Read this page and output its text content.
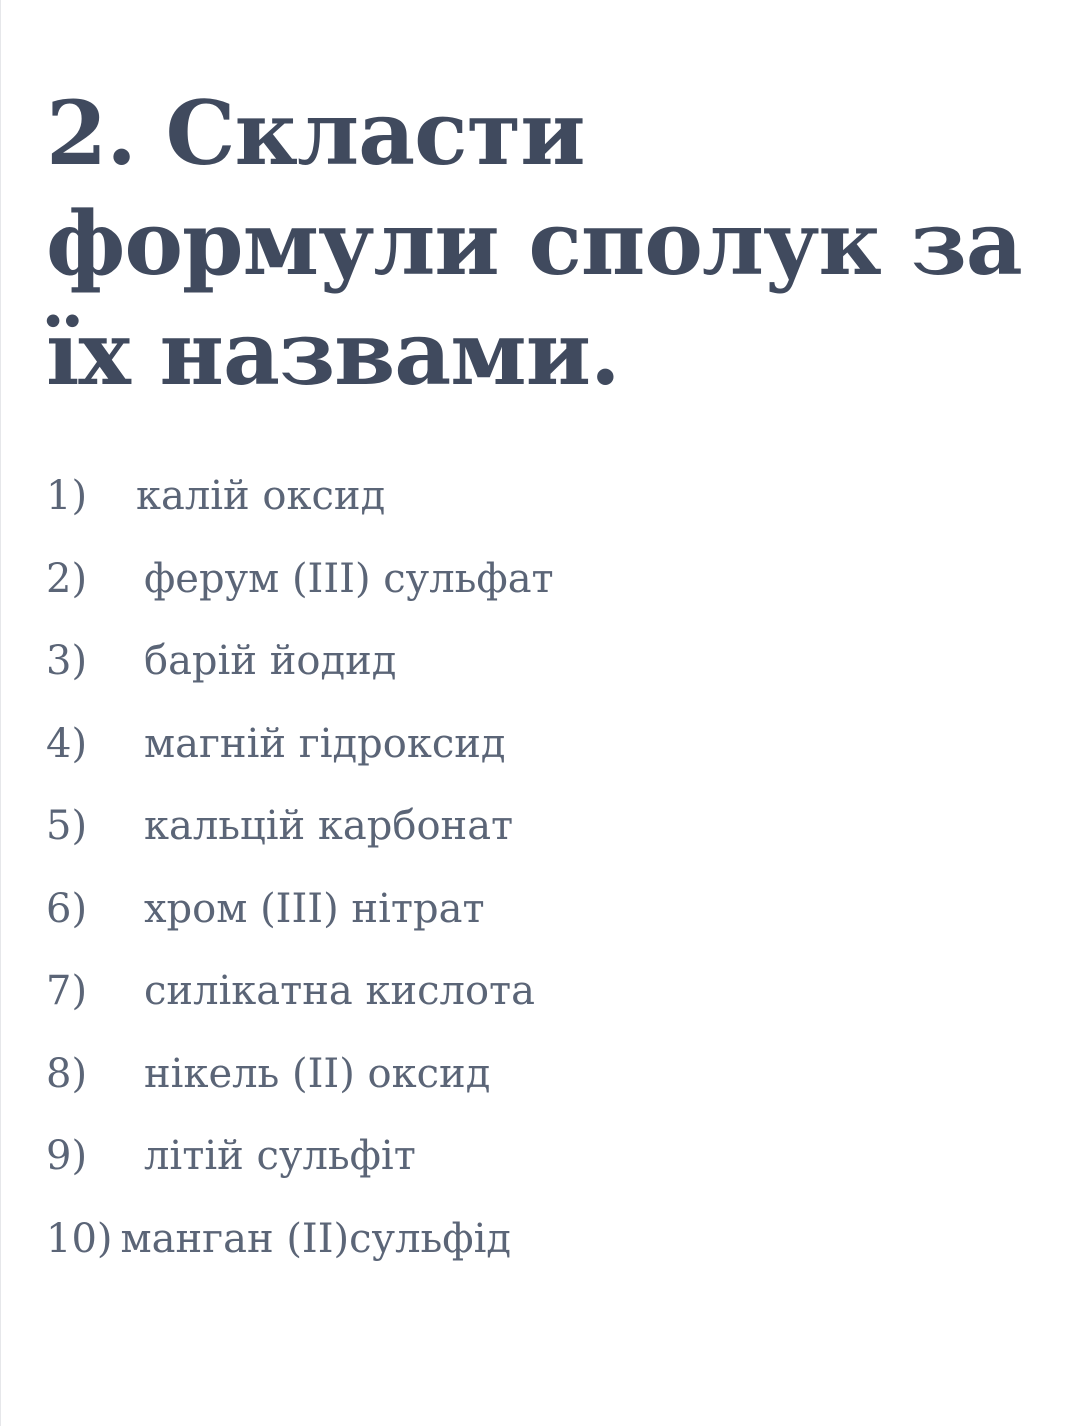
2. Скласти формули сполук за їх назвами.
1) калій оксид
2) ферум (ІІІ) сульфат
3) барій йодид
4) магній гідроксид
5) кальцій карбонат
6) хром (ІІІ) нітрат
7) силікатна кислота
8) нікель (ІІ) оксид
9) літій сульфіт
10) манган (ІІ)сульфід
